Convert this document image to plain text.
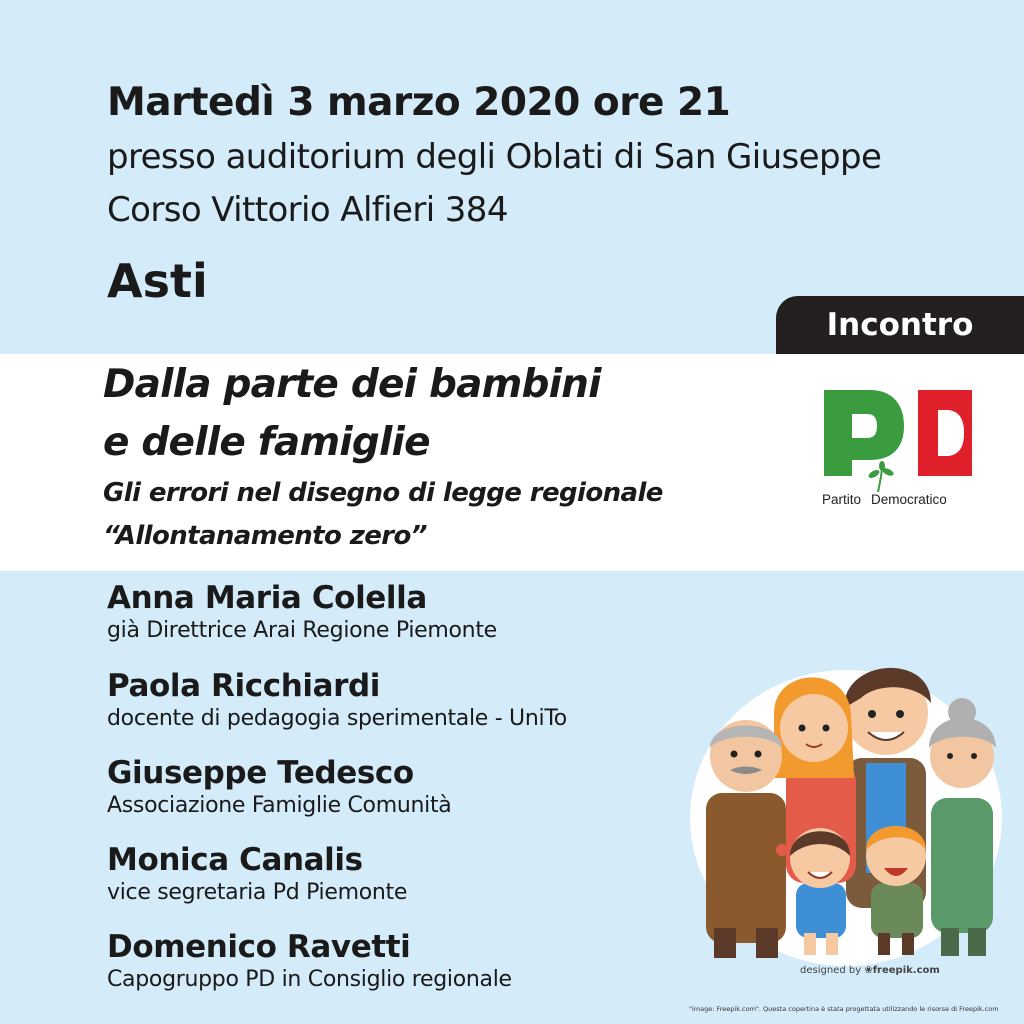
Martedì 3 marzo 2020 ore 21
presso auditorium degli Oblati di San Giuseppe
Corso Vittorio Alfieri 384
Asti
Incontro
Dalla parte dei bambini
e delle famiglie
Gli errori nel disegno di legge regionale
“Allontanamento zero”
Partito Democratico
Anna Maria Colella
già Direttrice Arai Regione Piemonte
Paola Ricchiardi
docente di pedagogia sperimentale - UniTo
Giuseppe Tedesco
Associazione Famiglie Comunità
Monica Canalis
vice segretaria Pd Piemonte
Domenico Ravetti
Capogruppo PD in Consiglio regionale	designed by ❀freepik.com
"image: Freepik.com". Questa copertina è stata progettata utilizzando le risorse di Freepik.com
